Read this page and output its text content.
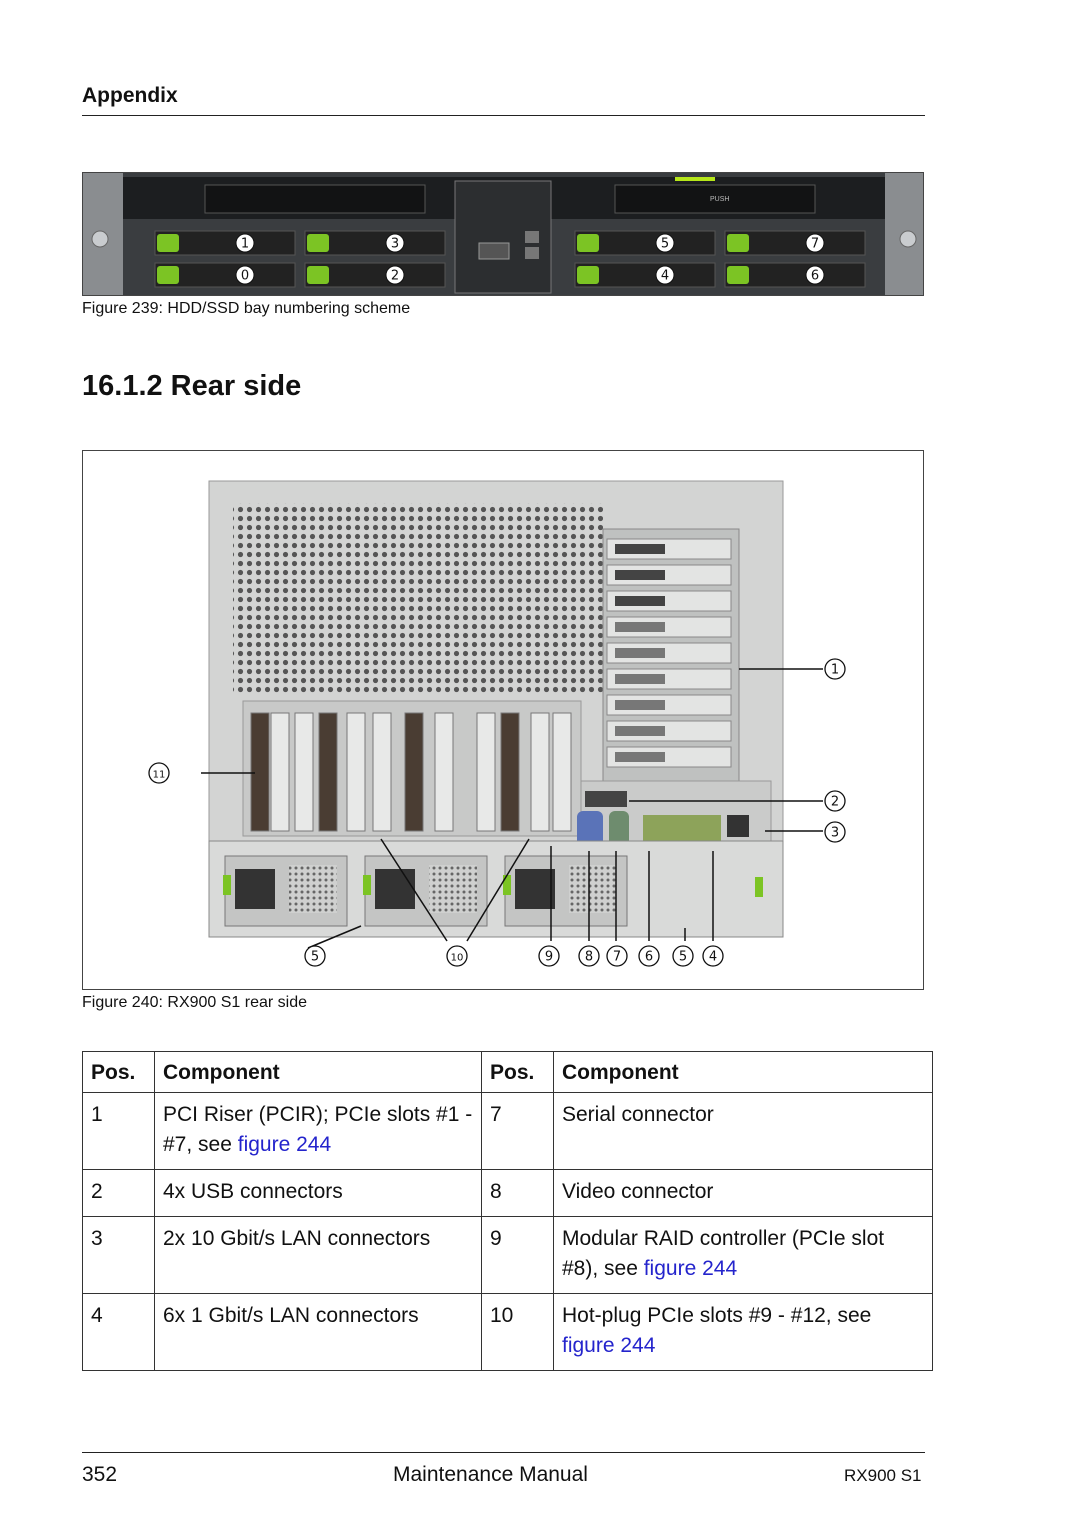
Appendix
PUSH
1	3	5	7
0	2	4	6
Figure 239: HDD/SSD bay numbering scheme
16.1.2 Rear side
1
2
3
11
5	10	9 8 7 6 5 4
Figure 240: RX900 S1 rear side
Pos.	Component	Pos.	Component
1	PCI Riser (PCIR); PCIe slots #1 - #7, see figure 244	7	Serial connector
2	4x USB connectors	8	Video connector
3	2x 10 Gbit/s LAN connectors	9	Modular RAID controller (PCIe slot #8), see figure 244
4	6x 1 Gbit/s LAN connectors	10	Hot-plug PCIe slots #9 - #12, see figure 244
352	Maintenance Manual	RX900 S1
